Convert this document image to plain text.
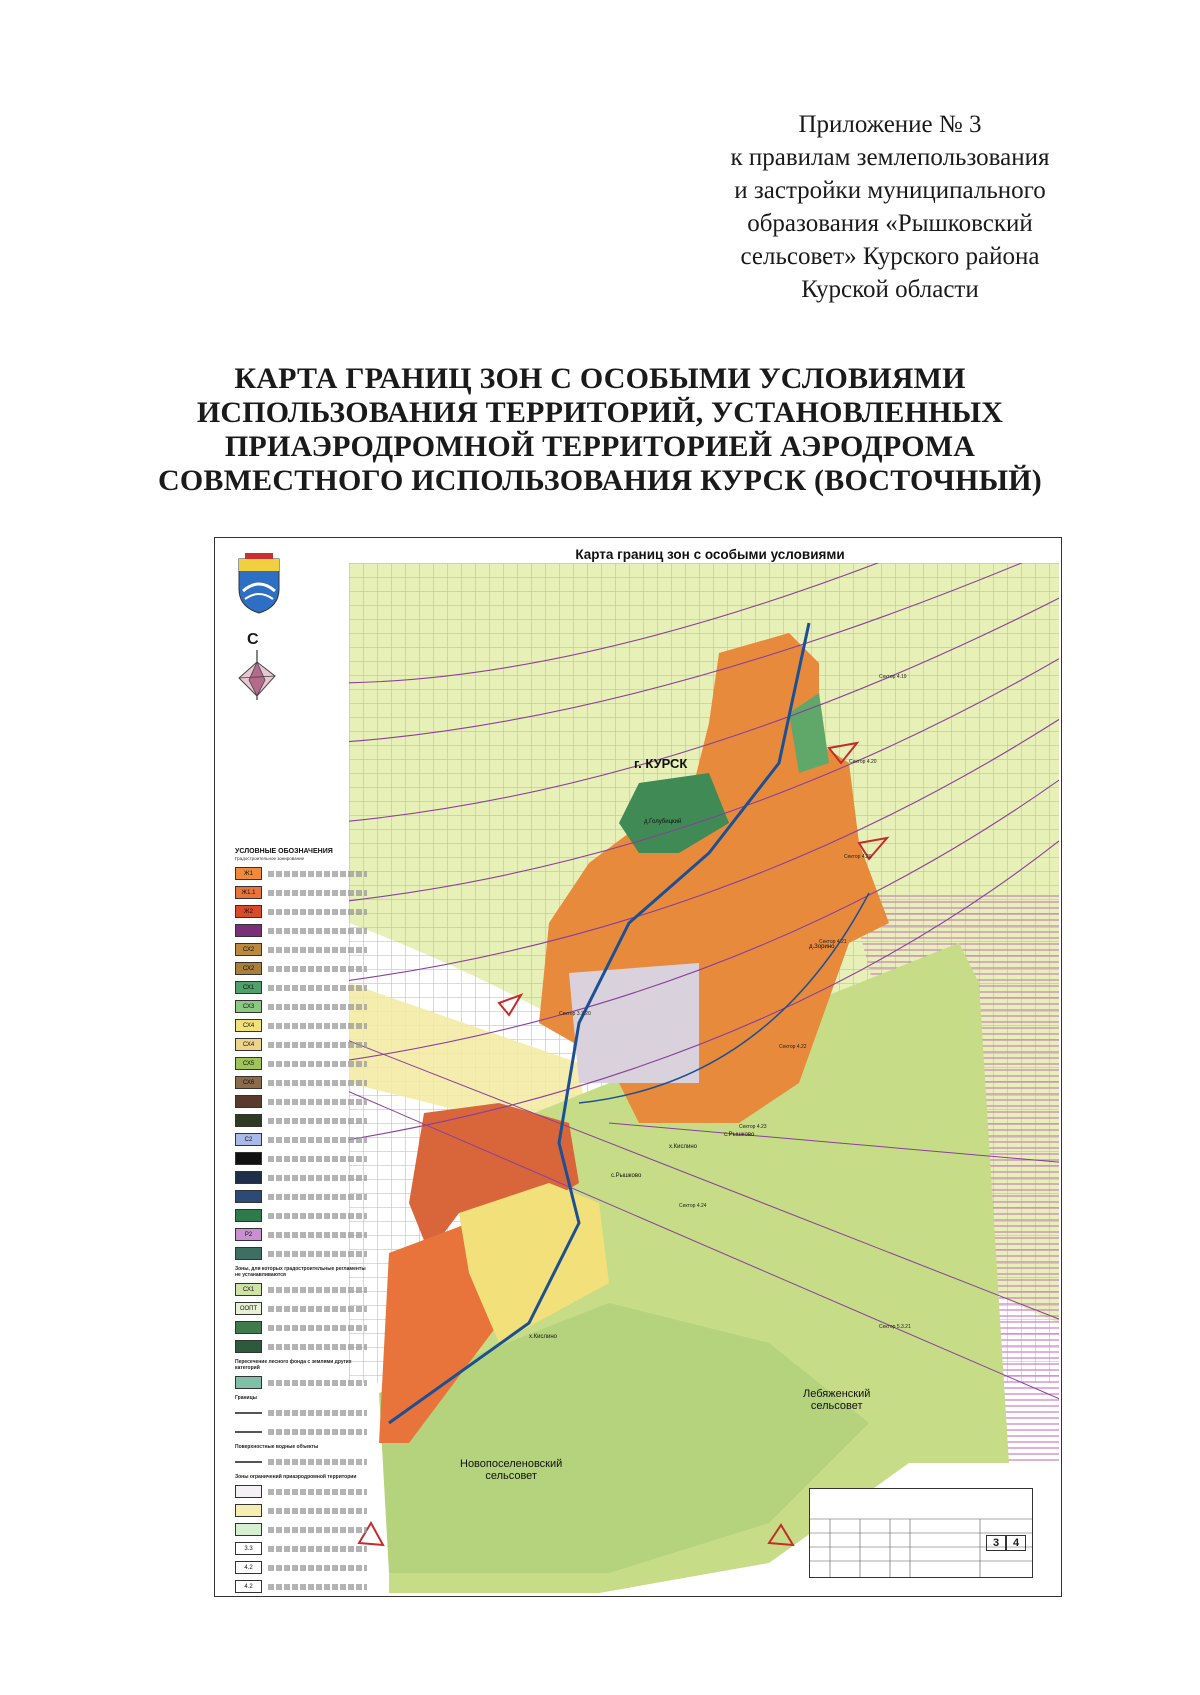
Приложение № 3
к правилам землепользования
и застройки муниципального
образования «Рышковский
сельсовет» Курского района
Курской области
КАРТА ГРАНИЦ ЗОН С ОСОБЫМИ УСЛОВИЯМИ
ИСПОЛЬЗОВАНИЯ ТЕРРИТОРИЙ, УСТАНОВЛЕННЫХ
ПРИАЭРОДРОМНОЙ ТЕРРИТОРИЕЙ АЭРОДРОМА
СОВМЕСТНОГО ИСПОЛЬЗОВАНИЯ КУРСК (ВОСТОЧНЫЙ)
Карта границ зон с особыми условиями
С
г. КУРСК
д.Голубицкий
д.Зорино
х.Кислино
с.Рышково
с.Рышково
х.Кислино
Сектор 4.19
Сектор 4.20
Сектор 4.20
Сектор 4.21
Сектор 4.22
Сектор 4.23
Сектор 4.24
Сектор 3.3.20
Сектор 5.3.21
Лебяженский
сельсовет
Новопоселеновский
сельсовет
УСЛОВНЫЕ ОБОЗНАЧЕНИЯ
Градостроительное зонирование
Ж1
Ж1.1
Ж2
СХ2
СХ2
СХ1
СХ3
СХ4
СХ4
СХ5
СХ6
С2
Р2
Зоны, для которых градостроительные регламенты не устанавливаются
СХ1
ООПТ
Пересечение лесного фонда с землями других категорий
Границы
Поверхностные водные объекты
Зоны ограничений приаэродромной территории
3.3
4.2
4.2
3	4
